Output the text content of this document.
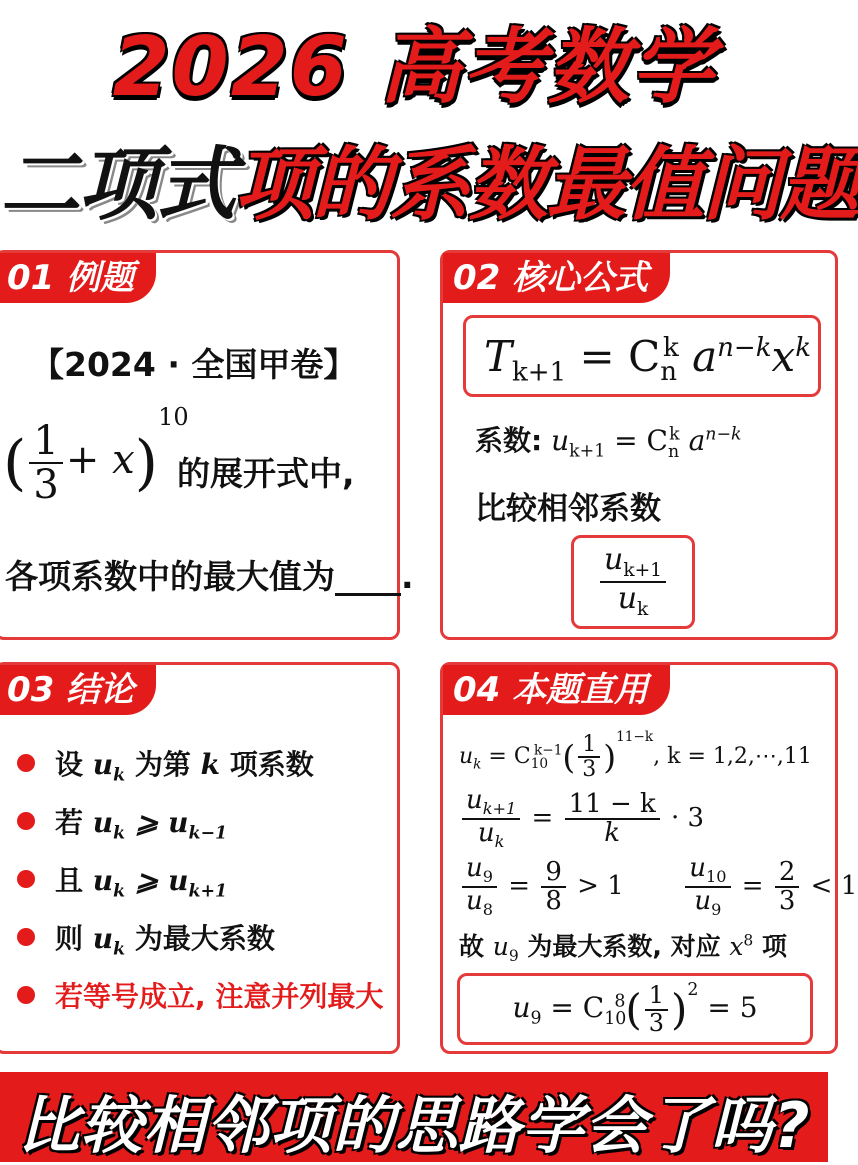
2026 高考数学
二项式项的系数最值问题
01 例题
【2024 · 全国甲卷】
( $\frac{1}{3} + x)^{10}$
的展开式中,
各项系数中的最大值为____.
02 核心公式
$T_{k+1} = C_n^k$ $a^{n-k}x^k$
系数: $u_{k+1} = C_n^k$ $a^{n-k}$
比较相邻系数
$\frac{u_{k+1}}{u_k}$
03 结论
设 $u_k$ 为第 k 项系数
若 $u_k$ ⩾ $u_{k-1}$
且 $u_k$ ⩾ $u_{k+1}$
则 $u_k$ 为最大系数
若等号成立, 注意并列最大
04 本题直用
$u_k = C_{10}^{k-1}( \frac{1}{3} )^{11-k}$, k = 1,2,⋯,11
$\frac{u_{k+1}}{u_k} = \frac{11 - k}{k} \cdot 3$
$\frac{u_9}{u_8} = \frac{9}{8} > 1 \frac{u_{10}}{u_9} = \frac{2}{3} < 1$
故 $u_9$ 为最大系数, 对应 $x^8$ 项
$u_9 = C_{10}^8( \frac{1}{3} )^2 = 5$
比较相邻项的思路学会了吗?
